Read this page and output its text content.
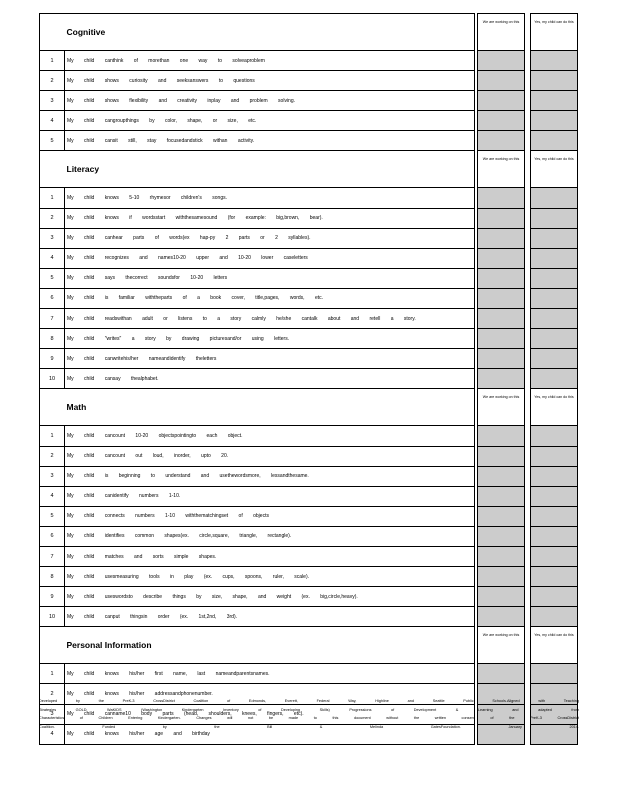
	Cognitive		We are working on this		Yes, my child can do this
1	My child canthink of morethan one way to solveaproblem				
2	My child shows curiosity and seeksanswers to questions				
3	My child shows flexibility and creativity inplay and problem solving.				
4	My child cangroupthings by color, shape, or size, etc.				
5	My child cansit still, stay focusedandstick withan activity.				
	Literacy		We are working on this		Yes, my child can do this
1	My child knows 5-10 rhymesor children's songs.				
2	My child knows if wordsstart withthesamesound (for example: big,brown, bear).				
3	My child canhear parts of words(ex hap-py 2 parts or 2 syllables).				
4	My child recognizes and names10-20 upper and 10-20 lower caseletters				
5	My child says thecorrect soundsfor 10-20 letters				
6	My child is familiar withtheparts of a book cover, title,pages, words, etc.				
7	My child readswithan adult or listens to a story calmly he/she cantalk about and retell a story.				
8	My child "writes" a story by drawing picturesand/or using letters.				
9	My child canwritehis/her nameandidentify theletters				
10	My child cansay thealphabet.				
	Math		We are working on this		Yes, my child can do this
1	My child cancount 10-20 objectspointingto each object.				
2	My child cancount out loud, inorder, upto 20.				
3	My child is beginning to understand and usethewordsmore, lessandthesame.				
4	My child canidentify numbers 1-10.				
5	My child connects numbers 1-10 withthematchingset of objects				
6	My child identifies common shapes(ex. circle,square, triangle, rectangle).				
7	My child matches and sorts simple shapes.				
8	My child usesmeasuring tools in play (ex. cups, spoons, ruler, scale).				
9	My child useswordsto describe things by size, shape, and weight (ex. big,circle,heavy).				
10	My child canput thingsin order (ex. 1st,2nd, 3rd).				
	Personal Information		We are working on this		Yes, my child can do this
1	My child knows his/her first name, last nameandparentsnames.				
2	My child knows his/her addressandphonenumber.				
3	My child canname10 body parts (head, shoulders, knees, fingers, etc).				
4	My child knows his/her age and birthday				

Developed by the PreK-3 CrossDistrict Coalition of Edmonds, Everett, Federal Way, Highline and Seattle Public Schools.Aligned with Teaching

Strategies GOLD, WaKIDS (Washington Kindergarten Inventory of Developing Skills) Progressions of Development & Learning and adapted from

Characteristics of Children Entering Kindergarten. Changes will not be made to this document without the written consent of the PreK-3 CrossDistrict

Coalition. Funded by the Bill & Melinda GatesFoundation. January 2014.
